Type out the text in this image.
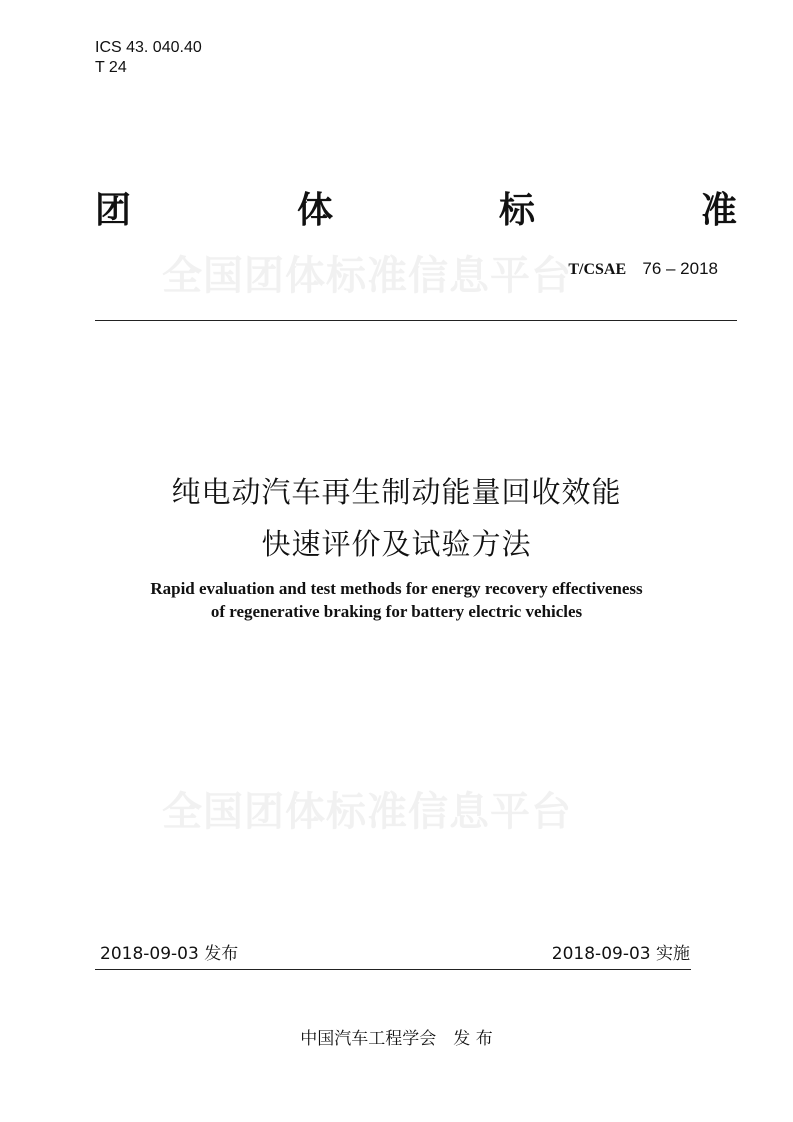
ICS 43. 040.40
T 24
团	体	标	准
全国团体标准信息平台
T/CSAE 76 – 2018
纯电动汽车再生制动能量回收效能
快速评价及试验方法
Rapid evaluation and test methods for energy recovery effectiveness
of regenerative braking for battery electric vehicles
全国团体标准信息平台
2018-09-03 发布	2018-09-03 实施
中国汽车工程学会　发 布
